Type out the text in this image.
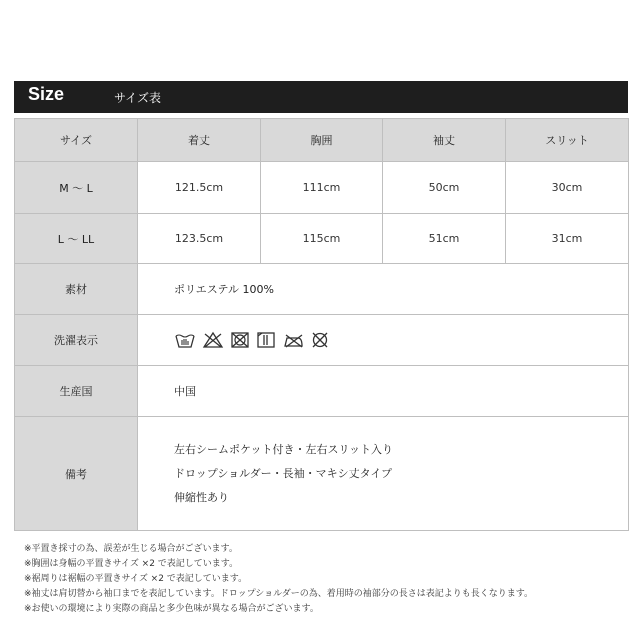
Size	サイズ表
サイズ	着丈	胸囲	袖丈	スリット
M 〜 L	121.5cm	111cm	50cm	30cm
L 〜 LL	123.5cm	115cm	51cm	31cm
素材	ポリエステル 100%			
洗濯表示	

生産国	中国			
備考	左右シームポケット付き・左右スリット入り
ドロップショルダー・長袖・マキシ丈タイプ
伸縮性あり			
※平置き採寸の為、誤差が生じる場合がございます。
※胸囲は身幅の平置きサイズ ×2 で表記しています。
※裾周りは裾幅の平置きサイズ ×2 で表記しています。
※袖丈は肩切替から袖口までを表記しています。ドロップショルダーの為、着用時の袖部分の長さは表記よりも長くなります。
※お使いの環境により実際の商品と多少色味が異なる場合がございます。
